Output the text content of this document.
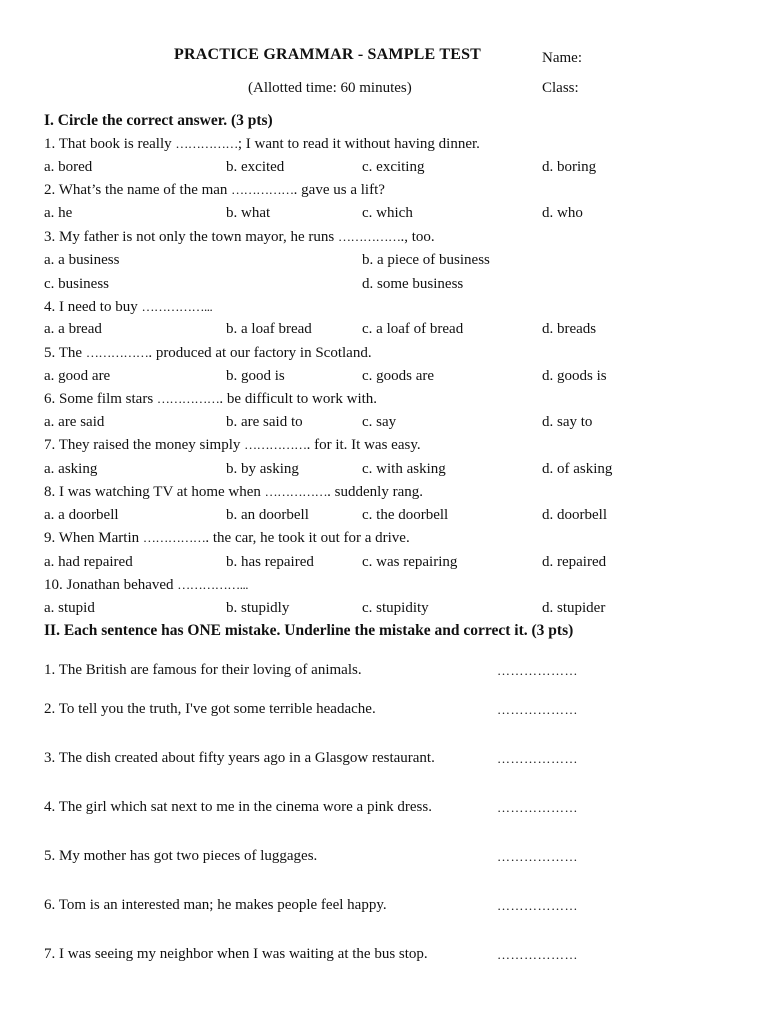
PRACTICE GRAMMAR - SAMPLE TEST	Name:
(Allotted time: 60 minutes)	Class:
I. Circle the correct answer. (3 pts)
1. That book is really ……………; I want to read it without having dinner.
a. bored	b. excited	c. exciting	d. boring
2. What’s the name of the man ……………. gave us a lift?
a. he	b. what	c. which	d. who
3. My father is not only the town mayor, he runs ……………., too.
a. a business	b. a piece of business
c. business	d. some business
4. I need to buy ……………...
a. a bread	b. a loaf bread	c. a loaf of bread	d. breads
5. The ……………. produced at our factory in Scotland.
a. good are	b. good is	c. goods are	d. goods is
6. Some film stars ……………. be difficult to work with.
a. are said	b. are said to	c. say	d. say to
7. They raised the money simply ……………. for it. It was easy.
a. asking	b. by asking	c. with asking	d. of asking
8. I was watching TV at home when ……………. suddenly rang.
a. a doorbell	b. an doorbell	c. the doorbell	d. doorbell
9. When Martin ……………. the car, he took it out for a drive.
a. had repaired	b. has repaired	c. was repairing	d. repaired
10. Jonathan behaved ……………...
a. stupid	b. stupidly	c. stupidity	d. stupider
II. Each sentence has ONE mistake. Underline the mistake and correct it. (3 pts)
1. The British are famous for their loving of animals.	………………
2. To tell you the truth, I've got some terrible headache.	………………
3. The dish created about fifty years ago in a Glasgow restaurant.	………………
4. The girl which sat next to me in the cinema wore a pink dress.	………………
5. My mother has got two pieces of luggages.	………………
6. Tom is an interested man; he makes people feel happy.	………………
7. I was seeing my neighbor when I was waiting at the bus stop.	………………
